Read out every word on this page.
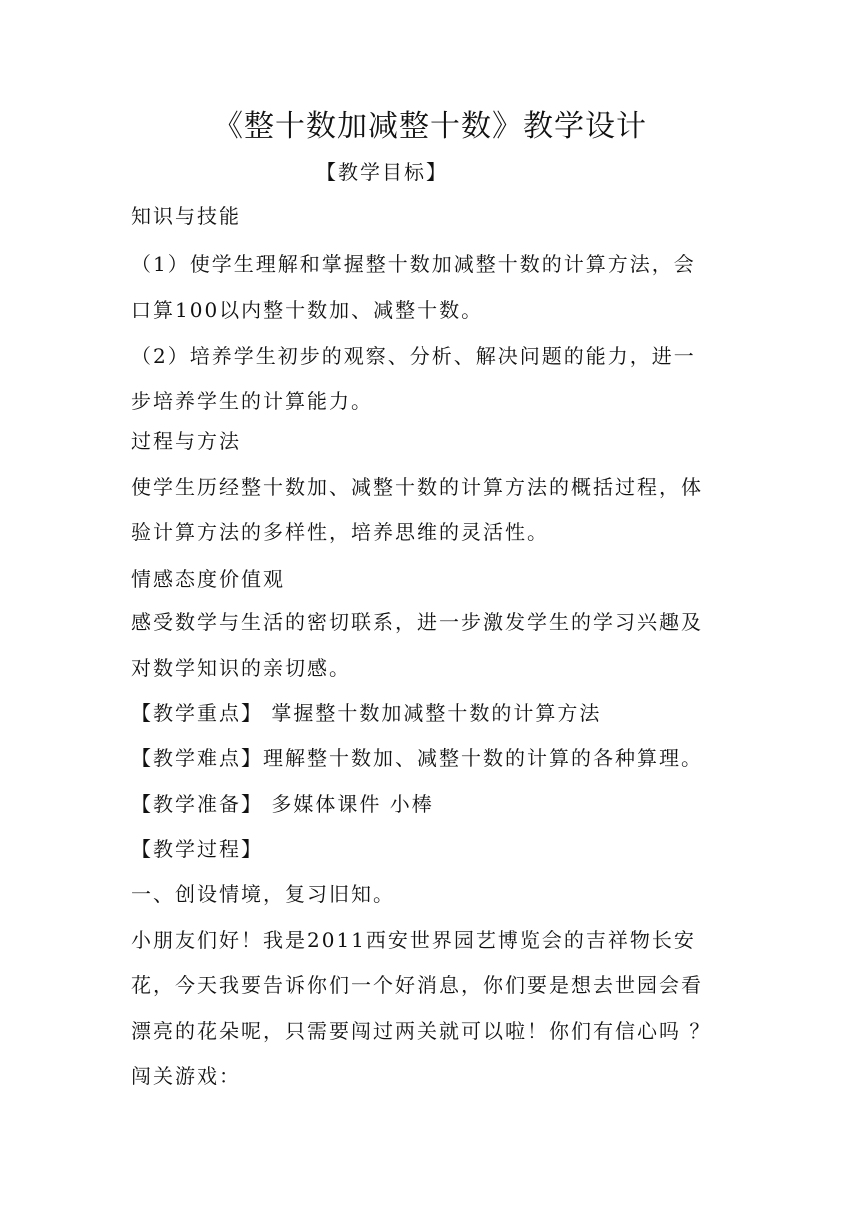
《整十数加减整十数》教学设计
【教学目标】
知识与技能
（1）使学生理解和掌握整十数加减整十数的计算方法，会
口算100以内整十数加、减整十数。
（2）培养学生初步的观察、分析、解决问题的能力，进一
步培养学生的计算能力。
过程与方法
使学生历经整十数加、减整十数的计算方法的概括过程，体
验计算方法的多样性，培养思维的灵活性。
情感态度价值观
感受数学与生活的密切联系，进一步激发学生的学习兴趣及
对数学知识的亲切感。
【教学重点】 掌握整十数加减整十数的计算方法
【教学难点】理解整十数加、减整十数的计算的各种算理。
【教学准备】 多媒体课件 小棒
【教学过程】
一、创设情境，复习旧知。
小朋友们好！我是2011西安世界园艺博览会的吉祥物长安
花，今天我要告诉你们一个好消息，你们要是想去世园会看
漂亮的花朵呢，只需要闯过两关就可以啦！你们有信心吗 ？
闯关游戏：
